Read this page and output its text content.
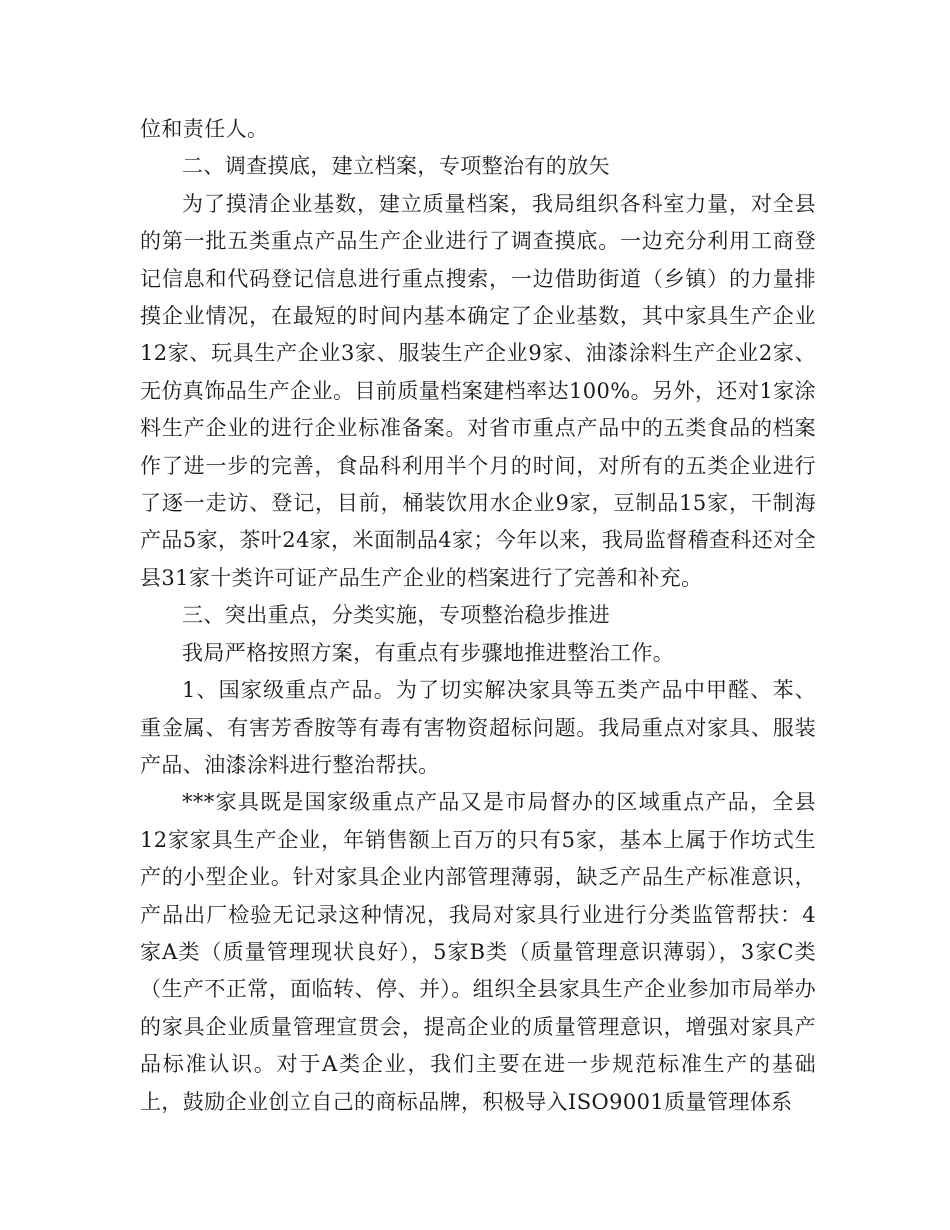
位和责任人。

二、调查摸底，建立档案，专项整治有的放矢

为了摸清企业基数，建立质量档案，我局组织各科室力量，对全县的第一批五类重点产品生产企业进行了调查摸底。一边充分利用工商登记信息和代码登记信息进行重点搜索，一边借助街道（乡镇）的力量排摸企业情况，在最短的时间内基本确定了企业基数，其中家具生产企业12家、玩具生产企业3家、服装生产企业9家、油漆涂料生产企业2家、无仿真饰品生产企业。目前质量档案建档率达100%。另外，还对1家涂料生产企业的进行企业标准备案。对省市重点产品中的五类食品的档案作了进一步的完善，食品科利用半个月的时间，对所有的五类企业进行了逐一走访、登记，目前，桶装饮用水企业9家，豆制品15家，干制海产品5家，茶叶24家，米面制品4家；今年以来，我局监督稽查科还对全县31家十类许可证产品生产企业的档案进行了完善和补充。

三、突出重点，分类实施，专项整治稳步推进

我局严格按照方案，有重点有步骤地推进整治工作。

1、国家级重点产品。为了切实解决家具等五类产品中甲醛、苯、重金属、有害芳香胺等有毒有害物资超标问题。我局重点对家具、服装产品、油漆涂料进行整治帮扶。

***家具既是国家级重点产品又是市局督办的区域重点产品，全县12家家具生产企业，年销售额上百万的只有5家，基本上属于作坊式生产的小型企业。针对家具企业内部管理薄弱，缺乏产品生产标准意识，产品出厂检验无记录这种情况，我局对家具行业进行分类监管帮扶：4家A类（质量管理现状良好），5家B类（质量管理意识薄弱），3家C类（生产不正常，面临转、停、并）。组织全县家具生产企业参加市局举办的家具企业质量管理宣贯会，提高企业的质量管理意识，增强对家具产品标准认识。对于A类企业，我们主要在进一步规范标准生产的基础上，鼓励企业创立自己的商标品牌，积极导入ISO9001质量管理体系
